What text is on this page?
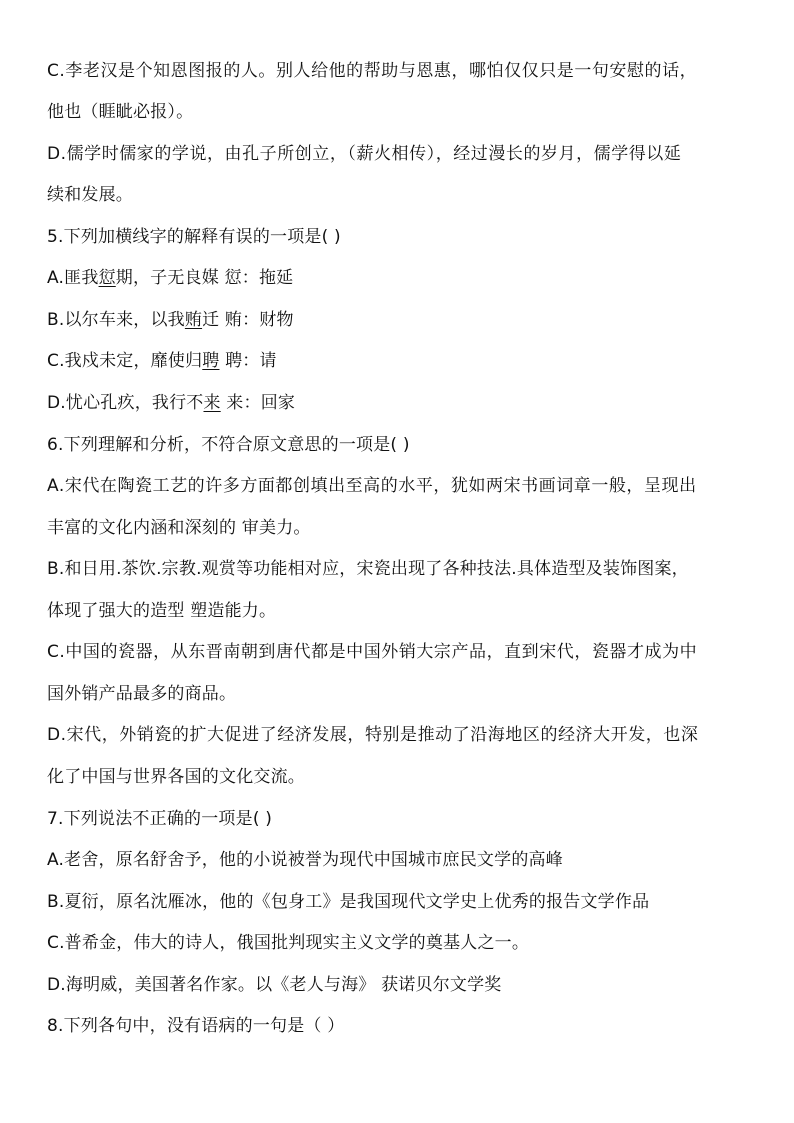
C.李老汉是个知恩图报的人。别人给他的帮助与恩惠，哪怕仅仅只是一句安慰的话，
他也（睚眦必报）。
D.儒学时儒家的学说，由孔子所创立，（薪火相传），经过漫长的岁月，儒学得以延
续和发展。
5.下列加横线字的解释有误的一项是( )
A.匪我愆期，子无良媒 愆：拖延
B.以尔车来，以我贿迁 贿：财物
C.我戍未定，靡使归聘 聘：请
D.忧心孔疚，我行不来 来：回家
6.下列理解和分析，不符合原文意思的一项是( )
A.宋代在陶瓷工艺的许多方面都创填出至高的水平，犹如两宋书画词章一般，呈现出
丰富的文化内涵和深刻的 审美力。
B.和日用.茶饮.宗教.观赏等功能相对应，宋瓷出现了各种技法.具体造型及装饰图案，
体现了强大的造型 塑造能力。
C.中国的瓷器，从东晋南朝到唐代都是中国外销大宗产品，直到宋代，瓷器才成为中
国外销产品最多的商品。
D.宋代，外销瓷的扩大促进了经济发展，特别是推动了沿海地区的经济大开发，也深
化了中国与世界各国的文化交流。
7.下列说法不正确的一项是( )
A.老舍，原名舒舍予，他的小说被誉为现代中国城市庶民文学的高峰
B.夏衍，原名沈雁冰，他的《包身工》是我国现代文学史上优秀的报告文学作品
C.普希金，伟大的诗人，俄国批判现实主义文学的奠基人之一。
D.海明威，美国著名作家。以《老人与海》 获诺贝尔文学奖
8.下列各句中，没有语病的一句是（ ）
